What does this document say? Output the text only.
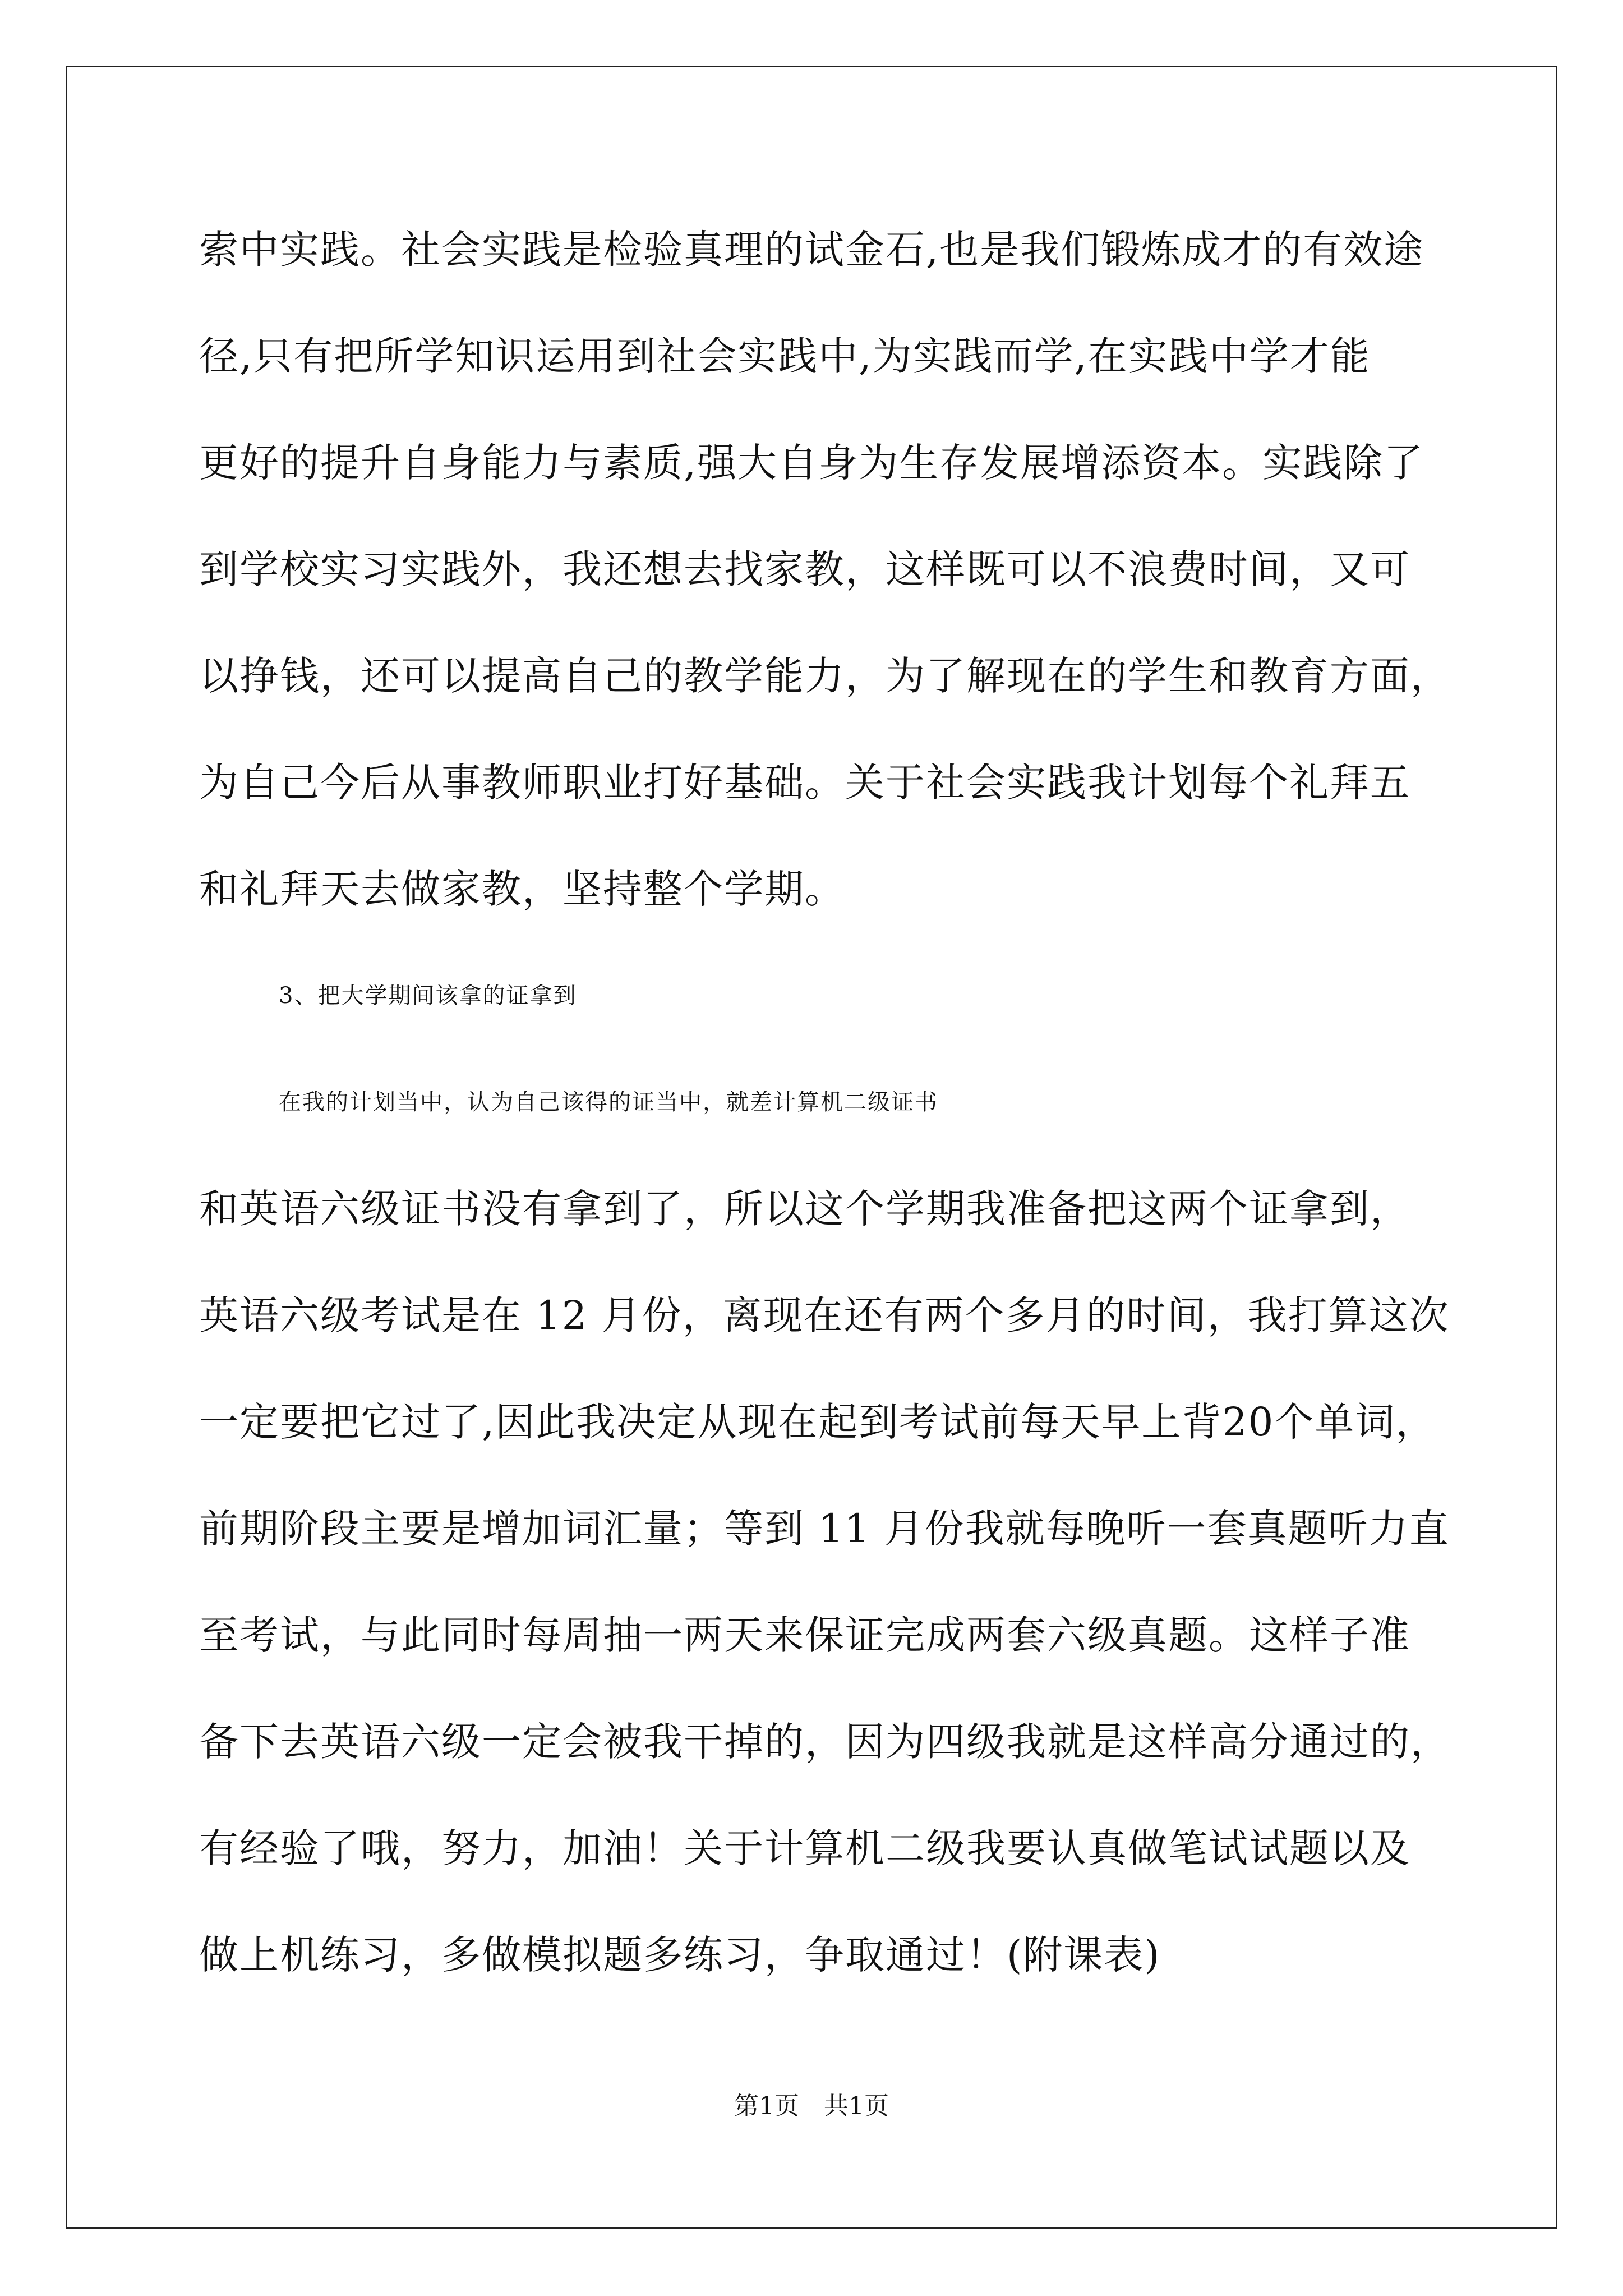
索中实践。社会实践是检验真理的试金石,也是我们锻炼成才的有效途
径,只有把所学知识运用到社会实践中,为实践而学,在实践中学才能
更好的提升自身能力与素质,强大自身为生存发展增添资本。实践除了
到学校实习实践外，我还想去找家教，这样既可以不浪费时间，又可
以挣钱，还可以提高自己的教学能力，为了解现在的学生和教育方面，
为自己今后从事教师职业打好基础。关于社会实践我计划每个礼拜五
和礼拜天去做家教，坚持整个学期。
3、把大学期间该拿的证拿到
在我的计划当中，认为自己该得的证当中，就差计算机二级证书
和英语六级证书没有拿到了，所以这个学期我准备把这两个证拿到，
英语六级考试是在 12 月份，离现在还有两个多月的时间，我打算这次
一定要把它过了,因此我决定从现在起到考试前每天早上背20个单词，
前期阶段主要是增加词汇量；等到 11 月份我就每晚听一套真题听力直
至考试，与此同时每周抽一两天来保证完成两套六级真题。这样子准
备下去英语六级一定会被我干掉的，因为四级我就是这样高分通过的，
有经验了哦，努力，加油！关于计算机二级我要认真做笔试试题以及
做上机练习，多做模拟题多练习，争取通过！(附课表)
第1页　共1页
